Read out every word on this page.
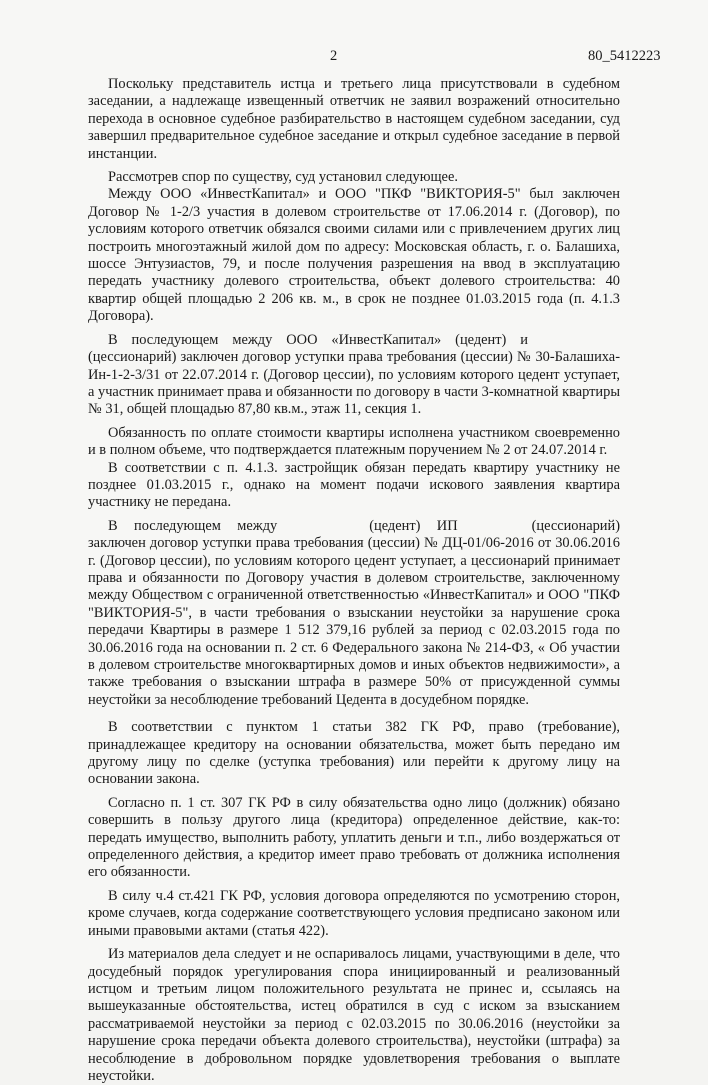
2	80_5412223

Поскольку представитель истца и третьего лица присутствовали в судебном заседании, а надлежаще извещенный ответчик не заявил возражений относительно перехода в основное судебное разбирательство в настоящем судебном заседании, суд завершил предварительное судебное заседание и открыл судебное заседание в первой инстанции.

Рассмотрев спор по существу, суд установил следующее.

Между ООО «ИнвестКапитал» и ООО "ПКФ "ВИКТОРИЯ-5" был заключен Договор № 1-2/3 участия в долевом строительстве от 17.06.2014 г. (Договор), по условиям которого ответчик обязался своими силами или с привлечением других лиц построить многоэтажный жилой дом по адресу: Московская область, г. о. Балашиха, шоссе Энтузиастов, 79, и после получения разрешения на ввод в эксплуатацию передать участнику долевого строительства, объект долевого строительства: 40 квартир общей площадью 2 206 кв. м., в срок не позднее 01.03.2015 года (п. 4.1.3 Договора).

В последующем между ООО «ИнвестКапитал» (цедент) и(цессионарий) заключен договор уступки права требования (цессии) № 30-Балашиха-Ин-1-2-3/31 от 22.07.2014 г. (Договор цессии), по условиям которого цедент уступает, а участник принимает права и обязанности по договору в части 3-комнатной квартиры № 31, общей площадью 87,80 кв.м., этаж 11, секция 1.

Обязанность по оплате стоимости квартиры исполнена участником своевременно и в полном объеме, что подтверждается платежным поручением № 2 от 24.07.2014 г.

В соответствии с п. 4.1.3. застройщик обязан передать квартиру участнику не позднее 01.03.2015 г., однако на момент подачи искового заявления квартира участнику не передана.

В последующем между	(цедент) ИП	(цессионарий) заключен договор уступки права требования (цессии) № ДЦ-01/06-2016 от 30.06.2016 г. (Договор цессии), по условиям которого цедент уступает, а цессионарий принимает права и обязанности по Договору участия в долевом строительстве, заключенному между Обществом с ограниченной ответственностью «ИнвестКапитал» и ООО "ПКФ "ВИКТОРИЯ-5", в части требования о взыскании неустойки за нарушение срока передачи Квартиры в размере 1 512 379,16 рублей за период с 02.03.2015 года по 30.06.2016 года на основании п. 2 ст. 6 Федерального закона № 214-ФЗ, « Об участии в долевом строительстве многоквартирных домов и иных объектов недвижимости», а также требования о взыскании штрафа в размере 50% от присужденной суммы неустойки за несоблюдение требований Цедента в досудебном порядке.

В соответствии с пунктом 1 статьи 382 ГК РФ, право (требование), принадлежащее кредитору на основании обязательства, может быть передано им другому лицу по сделке (уступка требования) или перейти к другому лицу на основании закона.

Согласно п. 1 ст. 307 ГК РФ в силу обязательства одно лицо (должник) обязано совершить в пользу другого лица (кредитора) определенное действие, как-то: передать имущество, выполнить работу, уплатить деньги и т.п., либо воздержаться от определенного действия, а кредитор имеет право требовать от должника исполнения его обязанности.

В силу ч.4 ст.421 ГК РФ, условия договора определяются по усмотрению сторон, кроме случаев, когда содержание соответствующего условия предписано законом или иными правовыми актами (статья 422).

Из материалов дела следует и не оспаривалось лицами, участвующими в деле, что досудебный порядок урегулирования спора инициированный и реализованный истцом и третьим лицом положительного результата не принес и, ссылаясь на вышеуказанные обстоятельства, истец обратился в суд с иском за взысканием рассматриваемой неустойки за период с 02.03.2015 по 30.06.2016 (неустойки за нарушение срока передачи объекта долевого строительства), неустойки (штрафа) за несоблюдение в добровольном порядке удовлетворения требования о выплате неустойки.
